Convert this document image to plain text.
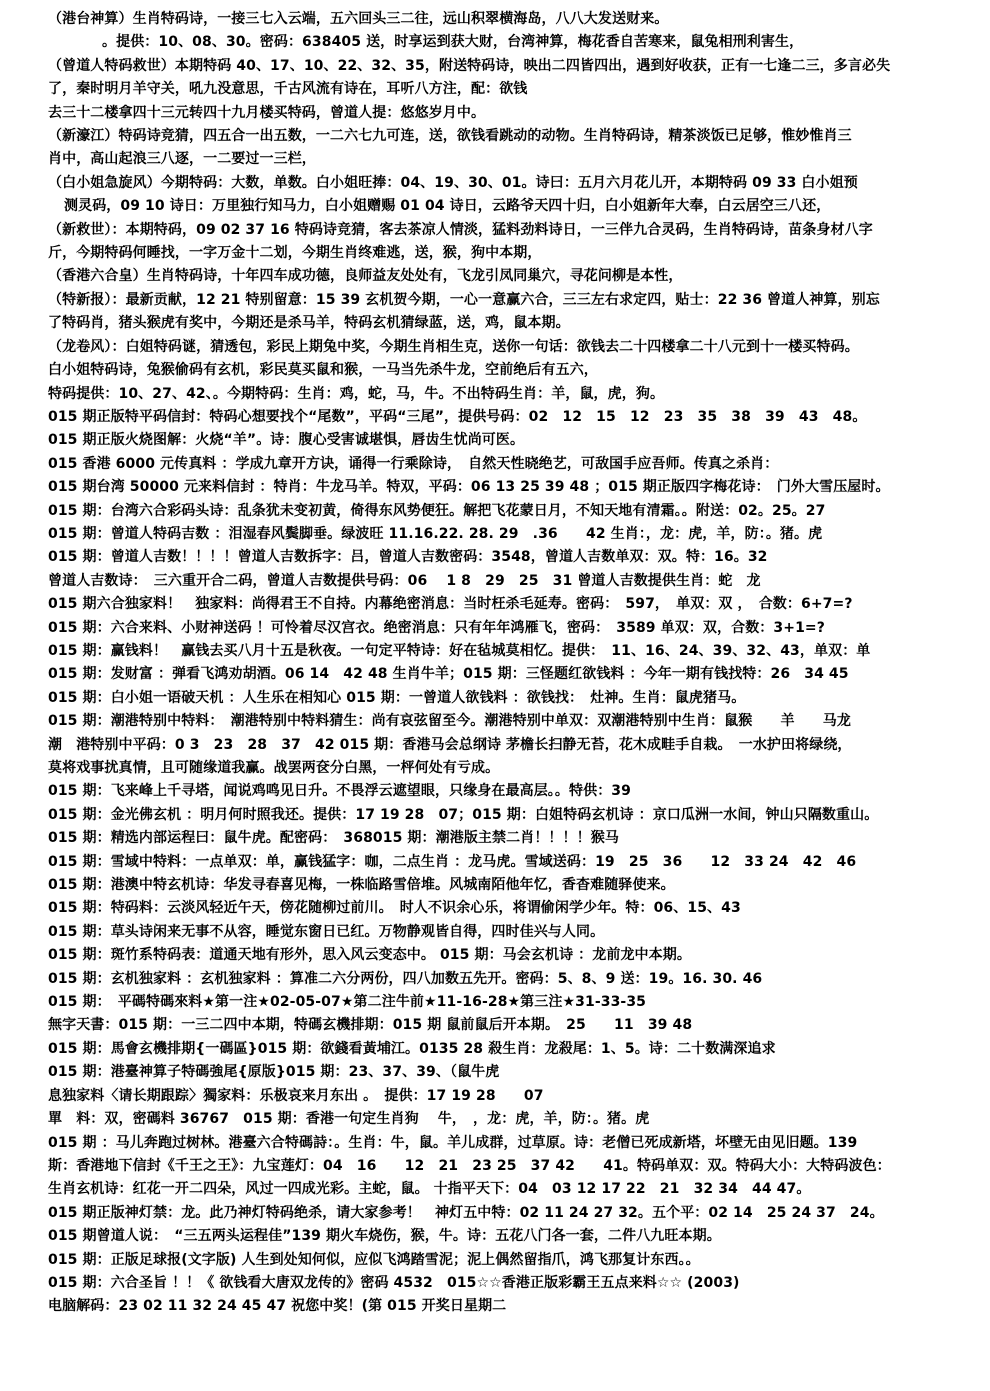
（港台神算）生肖特码诗，一接三七入云端，五六回头三二往，远山积翠横海岛，八八大发送财来。
。提供：10、08、30。密码：638405 送，时享运到获大财，台湾神算，梅花香自苦寒来，鼠兔相刑利害生，
（曾道人特码救世）本期特码 40、17、10、22、32、35，附送特码诗，映出二四皆四出，遇到好收获，正有一七逢二三，多言必失
了，秦时明月羊守关，吼九没意思，千古风流有诗在，耳听八方注，配：欲钱
去三十二楼拿四十三元转四十九月楼买特码，曾道人提：悠悠岁月中。
（新濠江）特码诗竞猜，四五合一出五数，一二六七九可连，送，欲钱看跳动的动物。生肖特码诗，精茶淡饭已足够，惟妙惟肖三
肖中，高山起浪三八逐，一二要过一三栏，
（白小姐急旋风）今期特码：大数，单数。白小姐旺捧：04、19、30、01。诗曰：五月六月花儿开，本期特码 09 33 白小姐预
测灵码，09 10 诗日：万里独行知马力，白小姐赠赐 01 04 诗日，云路爷天四十归，白小姐新年大奉，白云居空三八还，
（新救世）：本期特码，09 02 37 16 特码诗竞猜，客去茶凉人情淡，猛料劲料诗日，一三伴九合灵码，生肖特码诗，苗条身材八字
斤，今期特码何睡找，一字万金十二划，今期生肖终难逃，送，猴，狗中本期，
（香港六合皇）生肖特码诗，十年四车成功德，良师益友处处有，飞龙引凤同巢穴，寻花问柳是本性，
（特新报）：最新贡献，12 21 特别留意：15 39 玄机贺今期，一心一意赢六合，三三左右求定四，贴士：22 36 曾道人神算，别忘
了特码肖，猪头猴虎有奖中，今期还是杀马羊，特码玄机猜绿蓝，送，鸡，鼠本期。
（龙卷风）：白姐特码谜，猜透包，彩民上期兔中奖，今期生肖相生克，送你一句话：欲钱去二十四楼拿二十八元到十一楼买特码。
白小姐特码诗，兔猴偷码有玄机，彩民莫买鼠和猴，一马当先杀牛龙，空前绝后有五六，
特码提供：10、27、42、。今期特码：生肖：鸡，蛇，马，牛。不出特码生肖：羊，鼠，虎，狗。
015 期正版特平码信封：特码心想要找个“尾数”，平码“三尾”，提供号码：02　12　15　12　23　35　38　39　43　48。
015 期正版火烧图解：火烧“羊”。诗：腹心受害诚堪惧，唇齿生忧尚可医。
015 香港 6000 元传真料 ：学成九章开方诀，诵得一行乘除诗，　自然天性晓绝艺，可敌国手应吾师。传真之杀肖：
015 期台湾 50000 元来料信封 ：特肖：牛龙马羊。特双，平码：06 13 25 39 48 ；015 期正版四字梅花诗：　门外大雪压屋时。
015 期：台湾六合彩码头诗：乱条犹未变初黄，倚得东风势便狂。解把飞花蒙日月，不知天地有清霜。。附送：02。25。27
015 期：曾道人特码吉数 ：泪湿春风鬓脚垂。绿波旺 11.16.22. 28. 29　.36　　42 生肖：，龙：虎，羊，防：。猪。虎
015 期：曾道人吉数！！！！曾道人吉数拆字：吕，曾道人吉数密码：3548，曾道人吉数单双：双。特：16。32
曾道人吉数诗：　三六重开合二码，曾道人吉数提供号码：06　 1 8　29　25　31 曾道人吉数提供生肖：蛇　龙
015 期六合独家料！　独家料：尚得君王不自持。内幕绝密消息：当时枉杀毛延寿。密码：　597，　单双：双 ，　合数：6+7=?
015 期：六合来料、小财神送码 ！可怜着尽汉宫衣。绝密消息：只有年年鸿雁飞，密码：　3589 单双：双，合数：3+1=?
015 期：赢钱料！　赢钱去买八月十五是秋夜。一句定平特诗：好在毡城莫相忆。提供：　11、16、24、39、32、43，单双：单
015 期：发财富 ：弹看飞鸿劝胡酒。06 14　42 48 生肖牛羊；015 期：三怪题红欲钱料 ：今年一期有钱找特：26　34 45
015 期：白小姐一语破天机 ：人生乐在相知心 015 期：一曾道人欲钱料 ：欲钱找：　灶神。生肖：鼠虎猪马。
015 期：潮港特别中特料：　潮港特别中特料猜生：尚有哀弦留至今。潮港特别中单双：双潮港特别中生肖：鼠猴　　羊　　马龙
潮　港特别中平码：0 3　23　28　37　42 015 期：香港马会总纲诗 茅檐长扫静无苔，花木成畦手自栽。　一水护田将绿绕，
莫将戏事扰真情，且可随缘道我赢。战罢两奁分白黑，一枰何处有亏成。
015 期：飞来峰上千寻塔，闻说鸡鸣见日升。不畏浮云遮望眼，只缘身在最高层。。特供：39
015 期：金光佛玄机 ：明月何时照我还。提供：17 19 28　07；015 期：白姐特码玄机诗 ：京口瓜洲一水间，钟山只隔数重山。
015 期：精选内部运程曰：鼠牛虎。配密码：　368015 期：潮港版主禁二肖！！！！猴马
015 期：雪域中特料：一点单双：单，赢钱猛字：咖，二点生肖 ：龙马虎。雪域送码：19　25　36　　12　33 24　42　46
015 期：港澳中特玄机诗：华发寻春喜见梅，一株临路雪倍堆。风城南陌他年忆，香杳难随驿使来。
015 期：特码料：云淡风轻近午天，傍花随柳过前川。　时人不识余心乐，将谓偷闲学少年。特：06、15、43
015 期：草头诗闲来无事不从容，睡觉东窗日已红。万物静观皆自得，四时佳兴与人同。
015 期：斑竹系特码表：道通天地有形外，思入风云变态中。 015 期：马会玄机诗 ：龙前龙中本期。
015 期：玄机独家料 ：玄机独家料 ：算准二六分两份，四八加数五先开。密码：5、8、9 送：19。16. 30. 46
015 期：　平碼特碼來料★第一注★02-05-07★第二注牛前★11-16-28★第三注★31-33-35
無字天書：015 期：一三二四中本期，特碼玄機排期：015 期 鼠前鼠后开本期。　25　　11　39 48
015 期：馬會玄機排期{一碼區}015 期：欲錢看黃埔江。0135 28 殺生肖：龙殺尾：1、5。诗：二十数满深追求
015 期：港臺神算子特碼強尾{原版}015 期：23、37、39、（鼠牛虎
息独家料〈请长期跟踪〉獨家料：乐极哀来月东出 。　提供：17 19 28　　07
單　料：双，密碼料 36767　015 期：香港一句定生肖狗　 牛，　，龙：虎，羊，防：。猪。虎
015 期 ：马儿奔跑过树林。港臺六合特碼詩：。生肖：牛，鼠。羊儿成群，过草原。诗：老僧已死成新塔，坏壁无由见旧题。139
斯：香港地下信封《千王之王》：九宝莲灯：04　16　　12　21　23 25　37 42　　41。特码单双：双。特码大小：大特码波色：
生肖玄机诗：红花一开二四朵，风过一四成光彩。主蛇，鼠。 十指平天下：04　03 12 17 22　21　32 34　44 47。
015 期正版神灯禁：龙。此乃神灯特码绝杀，请大家参考！　神灯五中特：02 11 24 27 32。五个平：02 14　25 24 37　24。
015 期曾道人说：　“三五两头运程佳”139 期火车烧伤，猴，牛。诗：五花八门各一套，二件八九旺本期。
015 期：正版足球报(文字版) 人生到处知何似，应似飞鸿踏雪泥；泥上偶然留指爪，鸿飞那复计东西。。
015 期：六合圣旨 ！！《 欲钱看大唐双龙传的》密码 4532　015☆☆香港正版彩霸王五点来料☆☆ (2003)
电脑解码：23 02 11 32 24 45 47 祝您中奖！(第 015 开奖日星期二
